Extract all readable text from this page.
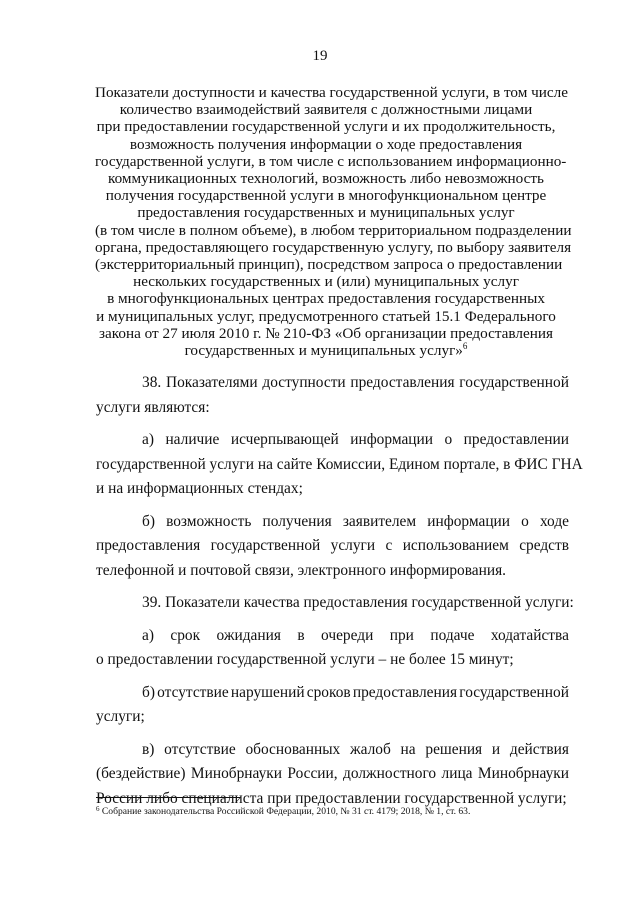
19
Показатели доступности и качества государственной услуги, в том числе
количество взаимодействий заявителя с должностными лицами
при предоставлении государственной услуги и их продолжительность,
возможность получения информации о ходе предоставления
государственной услуги, в том числе с использованием информационно-
коммуникационных технологий, возможность либо невозможность
получения государственной услуги в многофункциональном центре
предоставления государственных и муниципальных услуг
(в том числе в полном объеме), в любом территориальном подразделении
органа, предоставляющего государственную услугу, по выбору заявителя
(экстерриториальный принцип), посредством запроса о предоставлении
нескольких государственных и (или) муниципальных услуг
в многофункциональных центрах предоставления государственных
и муниципальных услуг, предусмотренного статьей 15.1 Федерального
закона от 27 июля 2010 г. № 210-ФЗ «Об организации предоставления
государственных и муниципальных услуг»$^6$
38. Показателями доступности предоставления государственной
услуги являются:
а) наличие исчерпывающей информации о предоставлении
государственной услуги на сайте Комиссии, Едином портале, в ФИС ГНА
и на информационных стендах;
б) возможность получения заявителем информации о ходе
предоставления государственной услуги с использованием средств
телефонной и почтовой связи, электронного информирования.
39. Показатели качества предоставления государственной услуги:
а) срок ожидания в очереди при подаче ходатайства
о предоставлении государственной услуги – не более 15 минут;
б) отсутствие нарушений сроков предоставления государственной
услуги;
в) отсутствие обоснованных жалоб на решения и действия
(бездействие) Минобрнауки России, должностного лица Минобрнауки
России либо специалиста при предоставлении государственной услуги;
$^6$ Собрание законодательства Российской Федерации, 2010, № 31 ст. 4179; 2018, № 1, ст. 63.
